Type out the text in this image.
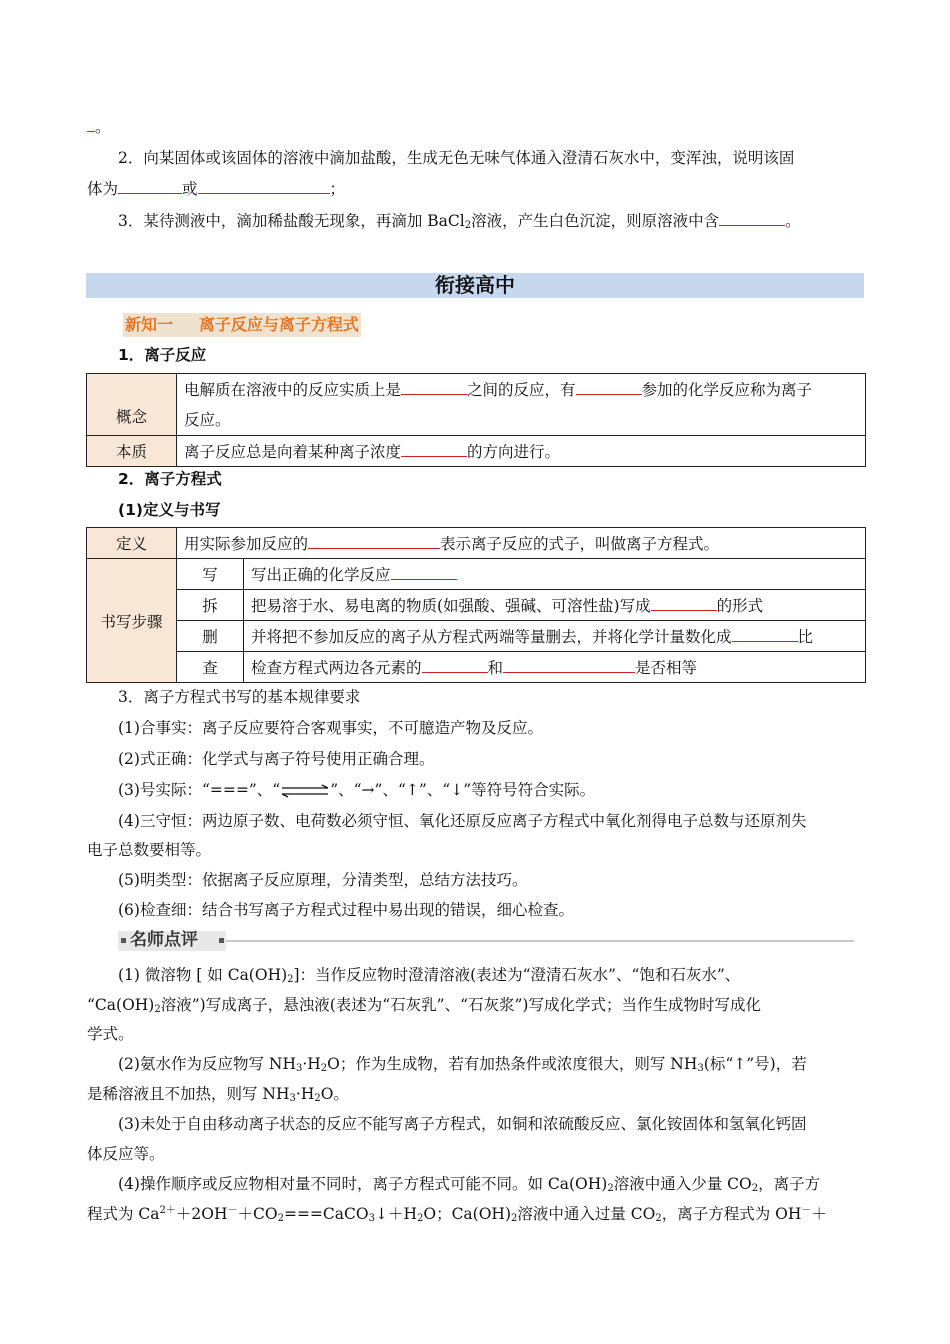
。
2．向某固体或该固体的溶液中滴加盐酸，生成无色无味气体通入澄清石灰水中，变浑浊，说明该固
体为	或	；
3．某待测液中，滴加稀盐酸无现象，再滴加 BaCl$_2$溶液，产生白色沉淀，则原溶液中含	。
衔接高中
新知一 离子反应与离子方程式
1．离子反应
概念	电解质在溶液中的反应实质上是 之间的反应，有 参加的化学反应称为离子
反应。
本质	离子反应总是向着某种离子浓度 的方向进行。
2．离子方程式
(1)定义与书写
定义	用实际参加反应的 表示离子反应的式子，叫做离子方程式。	
书写步骤	写	写出正确的化学反应
	拆	把易溶于水、易电离的物质(如强酸、强碱、可溶性盐)写成 的形式
	删	并将把不参加反应的离子从方程式两端等量删去，并将化学计量数化成 比
	查	检查方程式两边各元素的 和 是否相等
3．离子方程式书写的基本规律要求
(1)合事实：离子反应要符合客观事实，不可臆造产物及反应。
(2)式正确：化学式与离子符号使用正确合理。
(3)号实际：“===”、“⇌”、“→”、“↑”、“↓”等符号符合实际。
(4)三守恒：两边原子数、电荷数必须守恒、氧化还原反应离子方程式中氧化剂得电子总数与还原剂失
电子总数要相等。
(5)明类型：依据离子反应原理，分清类型，总结方法技巧。
(6)检查细：结合书写离子方程式过程中易出现的错误，细心检查。
名师点评
(1) 微溶物 [ 如 $Ca(OH)_2$]：当作反应物时澄清溶液(表述为“澄清石灰水”、“饱和石灰水”、
“$Ca(OH)_2$溶液”)写成离子，悬浊液(表述为“石灰乳”、“石灰浆”)写成化学式；当作生成物时写成化
学式。
(2)氨水作为反应物写 $NH_3\cdot H_2O$；作为生成物，若有加热条件或浓度很大，则写 $NH_3$(标“↑”号)，若
是稀溶液且不加热，则写 $NH_3\cdot H_2O$。
(3)未处于自由移动离子状态的反应不能写离子方程式，如铜和浓硫酸反应、氯化铵固体和氢氧化钙固
体反应等。
(4)操作顺序或反应物相对量不同时，离子方程式可能不同。如 $Ca(OH)_2$溶液中通入少量 $CO_2$，离子方
程式为 $Ca^{2+}+2OH^-+CO_2===CaCO_3↓+H_2O$；$Ca(OH)_2$溶液中通入过量 $CO_2$，离子方程式为 OH－＋
